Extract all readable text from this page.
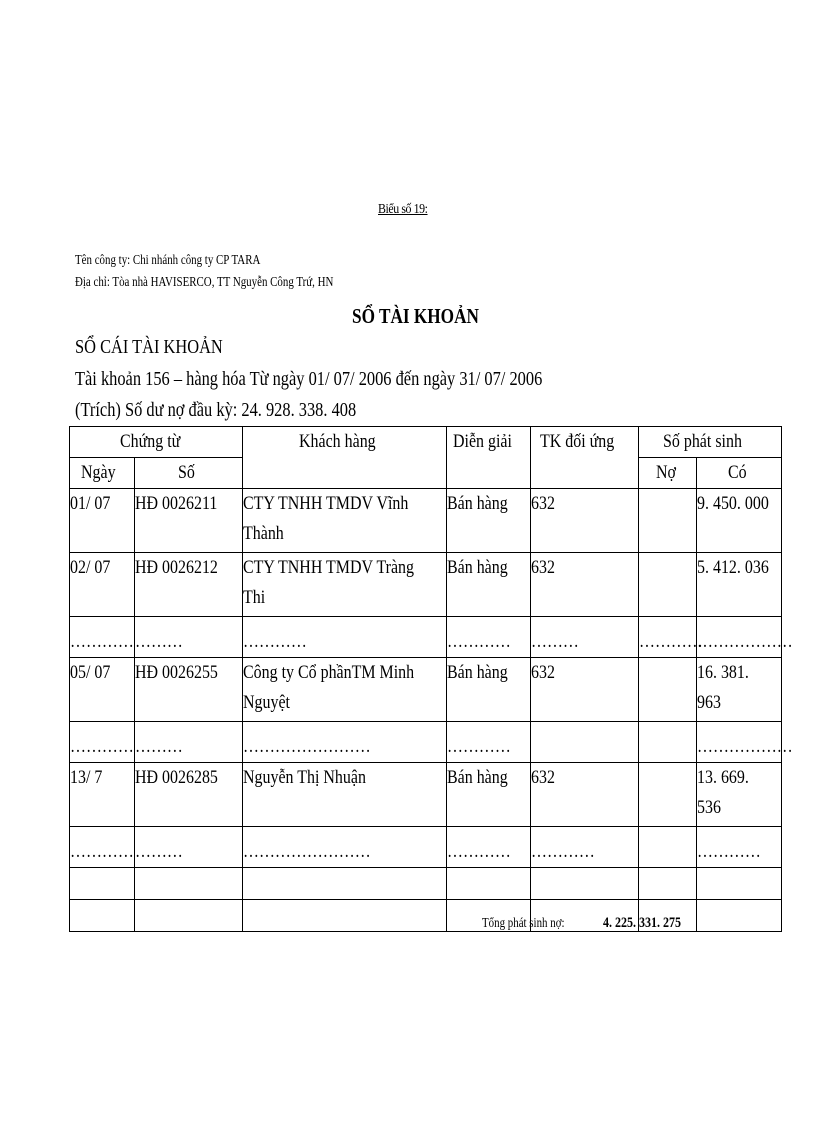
Biểu số 19:
Tên công ty: Chi nhánh công ty CP TARA
Địa chỉ: Tòa nhà HAVISERCO, TT Nguyễn Công Trứ, HN
SỔ TÀI KHOẢN
SỔ CÁI TÀI KHOẢN
Tài khoản 156 – hàng hóa Từ ngày 01/ 07/ 2006 đến ngày 31/ 07/ 2006
(Trích) Số dư nợ đầu kỳ: 24. 928. 338. 408
Chứng từ		Khách hàng	Diễn giải	TK đối ứng	Số phát sinh	
Ngày	Số				Nợ	Có
01/ 07	HĐ 0026211	CTY TNHH TMDV Vĩnh Thành	Bán hàng	632		9. 450. 000
02/ 07	HĐ 0026212	CTY TNHH TMDV Tràng Thi	Bán hàng	632		5. 412. 036
…………	………	…………	…………	………	…………	………………
05/ 07	HĐ 0026255	Công ty Cổ phầnTM Minh Nguyệt	Bán hàng	632		16. 381. 963

…………	………	……………………	…………			………………
13/ 7	HĐ 0026285	Nguyễn Thị Nhuận	Bán hàng	632		13. 669. 536

…………	………	……………………	…………	…………		…………

Tổng phát sinh nợ:	4. 225. 331. 275
